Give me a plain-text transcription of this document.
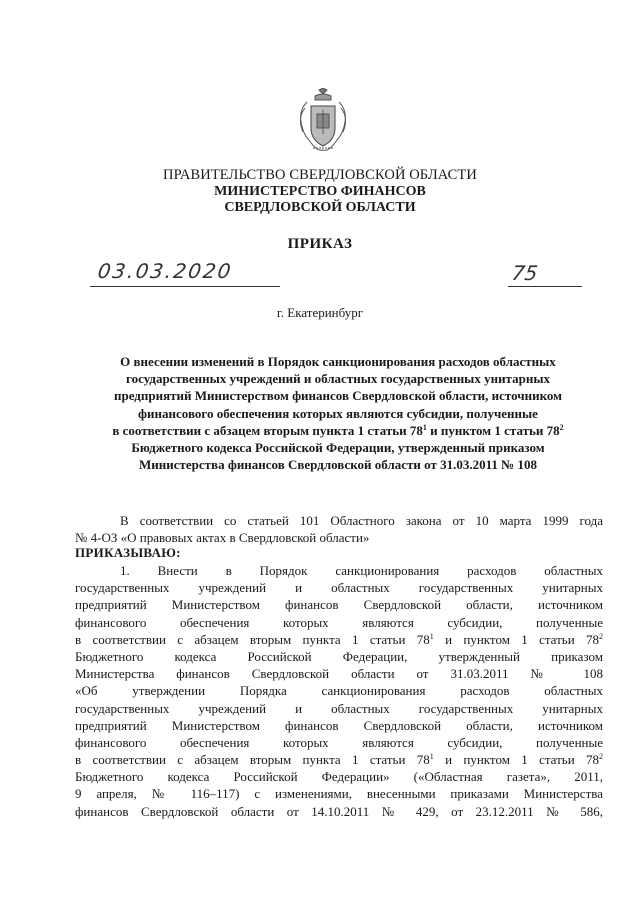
ПРАВИТЕЛЬСТВО СВЕРДЛОВСКОЙ ОБЛАСТИ
МИНИСТЕРСТВО ФИНАНСОВ
СВЕРДЛОВСКОЙ ОБЛАСТИ
ПРИКАЗ
03.03.2020	75
г. Екатеринбург
О внесении изменений в Порядок санкционирования расходов областных
государственных учреждений и областных государственных унитарных
предприятий Министерством финансов Свердловской области, источником
финансового обеспечения которых являются субсидии, полученные
в соответствии с абзацем вторым пункта 1 статьи $78^1$ и пунктом 1 статьи $78^2$
Бюджетного кодекса Российской Федерации, утвержденный приказом
Министерства финансов Свердловской области от 31.03.2011 № 108
В соответствии со статьей 101 Областного закона от 10 марта 1999 года
№ 4-ОЗ «О правовых актах в Свердловской области»
ПРИКАЗЫВАЮ:
1. Внести в Порядок санкционирования расходов областных
государственных учреждений и областных государственных унитарных
предприятий Министерством финансов Свердловской области, источником
финансового обеспечения которых являются субсидии, полученные
в соответствии с абзацем вторым пункта 1 статьи $78^1$ и пунктом 1 статьи $78^2$
Бюджетного кодекса Российской Федерации, утвержденный приказом
Министерства финансов Свердловской области от 31.03.2011 № 108
«Об утверждении Порядка санкционирования расходов областных
государственных учреждений и областных государственных унитарных
предприятий Министерством финансов Свердловской области, источником
финансового обеспечения которых являются субсидии, полученные
в соответствии с абзацем вторым пункта 1 статьи $78^1$ и пунктом 1 статьи $78^2$
Бюджетного кодекса Российской Федерации» («Областная газета», 2011,
9 апреля, № 116–117) с изменениями, внесенными приказами Министерства
финансов Свердловской области от 14.10.2011 № 429, от 23.12.2011 № 586,
